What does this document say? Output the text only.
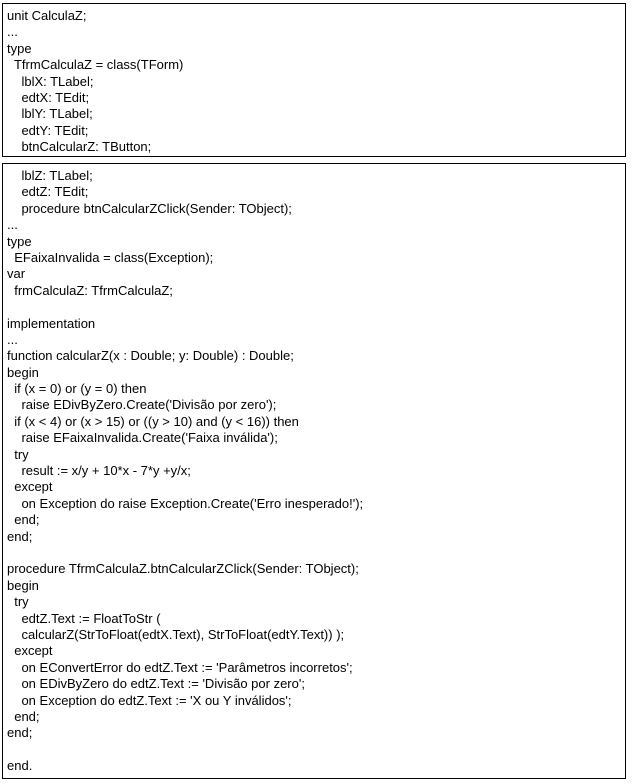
unit CalculaZ;
...
type
TfrmCalculaZ = class(TForm)
lblX: TLabel;
edtX: TEdit;
lblY: TLabel;
edtY: TEdit;
btnCalcularZ: TButton;
lblZ: TLabel;
edtZ: TEdit;
procedure btnCalcularZClick(Sender: TObject);
...
type
EFaixaInvalida = class(Exception);
var
frmCalculaZ: TfrmCalculaZ;
implementation
...
function calcularZ(x : Double; y: Double) : Double;
begin
if (x = 0) or (y = 0) then
raise EDivByZero.Create('Divisão por zero');
if (x < 4) or (x > 15) or ((y > 10) and (y < 16)) then
raise EFaixaInvalida.Create('Faixa inválida');
try
result := x/y + 10*x - 7*y +y/x;
except
on Exception do raise Exception.Create('Erro inesperado!');
end;
end;
procedure TfrmCalculaZ.btnCalcularZClick(Sender: TObject);
begin
try
edtZ.Text := FloatToStr (
calcularZ(StrToFloat(edtX.Text), StrToFloat(edtY.Text)) );
except
on EConvertError do edtZ.Text := 'Parâmetros incorretos';
on EDivByZero do edtZ.Text := 'Divisão por zero';
on Exception do edtZ.Text := 'X ou Y inválidos';
end;
end;
end.
